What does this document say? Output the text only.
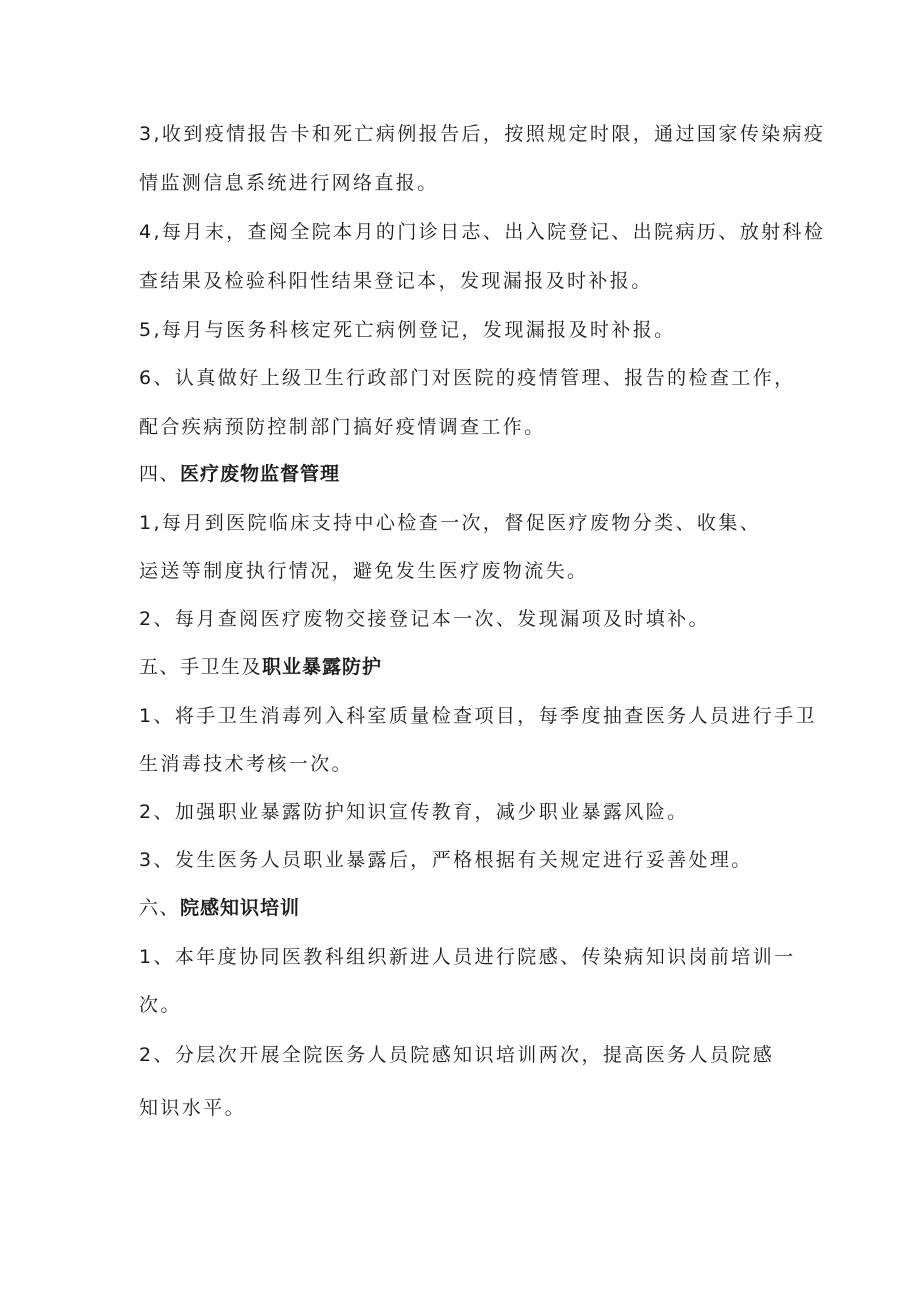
3,收到疫情报告卡和死亡病例报告后，按照规定时限，通过国家传染病疫
情监测信息系统进行网络直报。
4,每月末，查阅全院本月的门诊日志、出入院登记、出院病历、放射科检
查结果及检验科阳性结果登记本，发现漏报及时补报。
5,每月与医务科核定死亡病例登记，发现漏报及时补报。
6、认真做好上级卫生行政部门对医院的疫情管理、报告的检查工作，
配合疾病预防控制部门搞好疫情调查工作。
四、医疗废物监督管理
1,每月到医院临床支持中心检查一次，督促医疗废物分类、收集、
运送等制度执行情况，避免发生医疗废物流失。
2、每月查阅医疗废物交接登记本一次、发现漏项及时填补。
五、手卫生及职业暴露防护
1、将手卫生消毒列入科室质量检查项目，每季度抽查医务人员进行手卫
生消毒技术考核一次。
2、加强职业暴露防护知识宣传教育，减少职业暴露风险。
3、发生医务人员职业暴露后，严格根据有关规定进行妥善处理。
六、院感知识培训
1、本年度协同医教科组织新进人员进行院感、传染病知识岗前培训一
次。
2、分层次开展全院医务人员院感知识培训两次，提高医务人员院感
知识水平。
